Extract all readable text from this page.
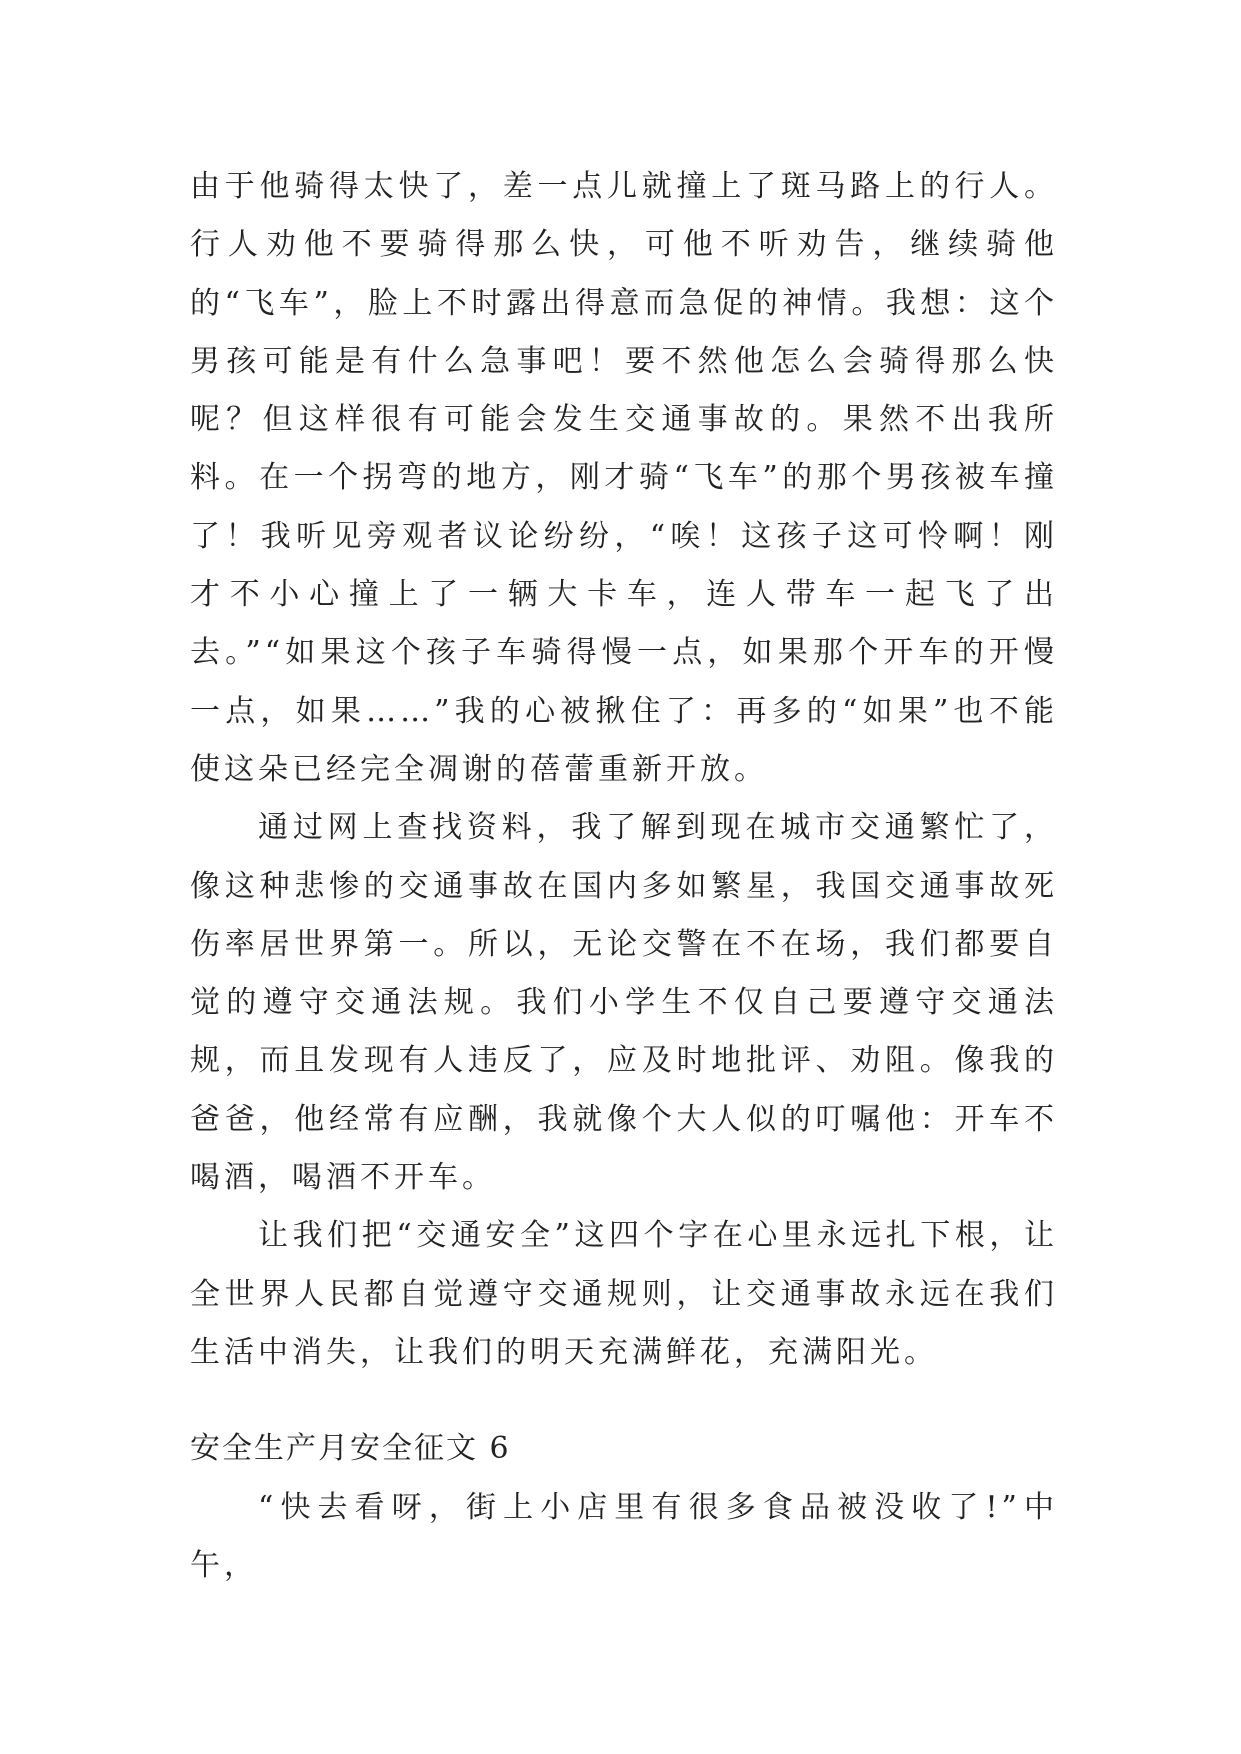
由于他骑得太快了，差一点儿就撞上了斑马路上的行人。行人劝他不要骑得那么快，可他不听劝告，继续骑他的“飞车”，脸上不时露出得意而急促的神情。我想：这个男孩可能是有什么急事吧！要不然他怎么会骑得那么快呢？但这样很有可能会发生交通事故的。果然不出我所料。在一个拐弯的地方，刚才骑“飞车”的那个男孩被车撞了！我听见旁观者议论纷纷，“唉！这孩子这可怜啊！刚才不小心撞上了一辆大卡车，连人带车一起飞了出去。”“如果这个孩子车骑得慢一点，如果那个开车的开慢一点，如果……”我的心被揪住了：再多的“如果”也不能使这朵已经完全凋谢的蓓蕾重新开放。

通过网上查找资料，我了解到现在城市交通繁忙了，像这种悲惨的交通事故在国内多如繁星，我国交通事故死伤率居世界第一。所以，无论交警在不在场，我们都要自觉的遵守交通法规。我们小学生不仅自己要遵守交通法规，而且发现有人违反了，应及时地批评、劝阻。像我的爸爸，他经常有应酬，我就像个大人似的叮嘱他：开车不喝酒，喝酒不开车。

让我们把“交通安全”这四个字在心里永远扎下根，让全世界人民都自觉遵守交通规则，让交通事故永远在我们生活中消失，让我们的明天充满鲜花，充满阳光。

安全生产月安全征文 6

“快去看呀，街上小店里有很多食品被没收了!”中午，
